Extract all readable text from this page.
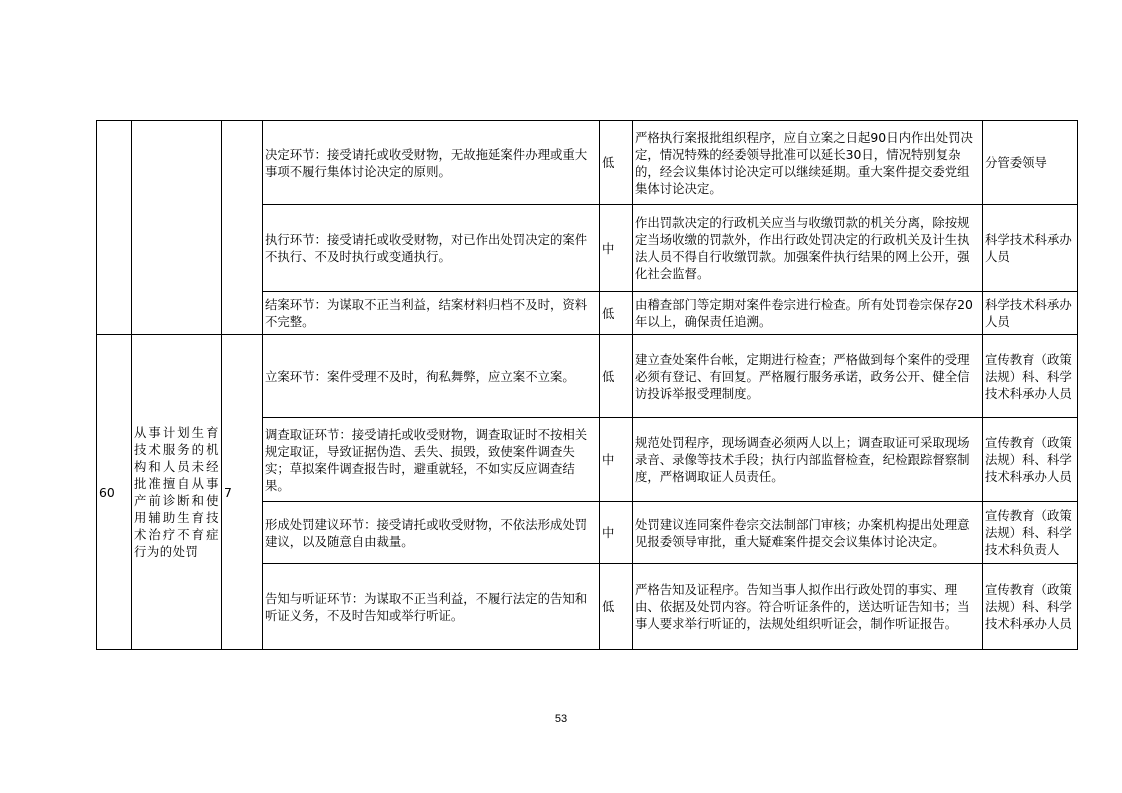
			决定环节：接受请托或收受财物，无故拖延案件办理或重大事项不履行集体讨论决定的原则。	低	严格执行案报批组织程序，应自立案之日起90日内作出处罚决定，情况特殊的经委领导批准可以延长30日，情况特别复杂的，经会议集体讨论决定可以继续延期。重大案件提交委党组集体讨论决定。	分管委领导
			执行环节：接受请托或收受财物，对已作出处罚决定的案件不执行、不及时执行或变通执行。	中	作出罚款决定的行政机关应当与收缴罚款的机关分离，除按规定当场收缴的罚款外，作出行政处罚决定的行政机关及计生执法人员不得自行收缴罚款。加强案件执行结果的网上公开，强化社会监督。	科学技术科承办人员
			结案环节：为谋取不正当利益，结案材料归档不及时，资料不完整。	低	由稽查部门等定期对案件卷宗进行检查。所有处罚卷宗保存20年以上，确保责任追溯。	科学技术科承办人员
60	从事计划生育技术服务的机构和人员未经批准擅自从事产前诊断和使用辅助生育技术治疗不育症行为的处罚	7	立案环节：案件受理不及时，徇私舞弊，应立案不立案。	低	建立查处案件台帐，定期进行检查；严格做到每个案件的受理必须有登记、有回复。严格履行服务承诺，政务公开、健全信访投诉举报受理制度。	宣传教育（政策法规）科、科学技术科承办人员
			调查取证环节：接受请托或收受财物，调查取证时不按相关规定取证，导致证据伪造、丢失、损毁，致使案件调查失实；草拟案件调查报告时，避重就轻，不如实反应调查结果。	中	规范处罚程序，现场调查必须两人以上；调查取证可采取现场录音、录像等技术手段；执行内部监督检查，纪检跟踪督察制度，严格调取证人员责任。	宣传教育（政策法规）科、科学技术科承办人员
			形成处罚建议环节：接受请托或收受财物，不依法形成处罚建议，以及随意自由裁量。	中	处罚建议连同案件卷宗交法制部门审核；办案机构提出处理意见报委领导审批，重大疑难案件提交会议集体讨论决定。	宣传教育（政策法规）科、科学技术科负责人
			告知与听证环节：为谋取不正当利益，不履行法定的告知和听证义务，不及时告知或举行听证。	低	严格告知及证程序。告知当事人拟作出行政处罚的事实、理由、依据及处罚内容。符合听证条件的，送达听证告知书；当事人要求举行听证的，法规处组织听证会，制作听证报告。	宣传教育（政策法规）科、科学技术科承办人员
53
